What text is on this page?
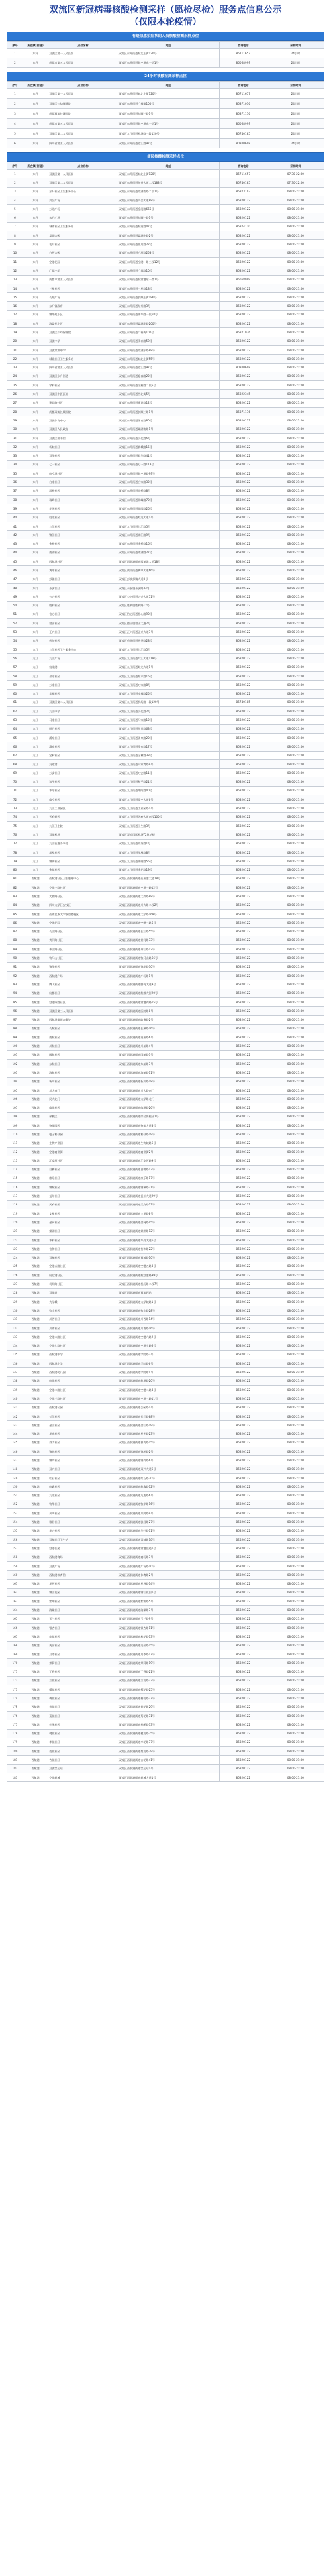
双流区新冠病毒核酸检测采样（愿检尽检）服务点信息公示
（仅限本轮疫情）
有疑似感染症状的人员核酸检测采样点位
序号	所在镇(街道)	点位名称	地址	咨询电话	采样时间
1	东升	双流区第一人民医院	双流区东升街道城北上街120号	85711657	24小时
2	东升	成都市第五人民医院	双流区东升街道航空港东一路1号	86068999	24小时
24小时核酸检测采样点位
序号	所在镇(街道)	点位名称	地址	咨询电话	采样时间
1	东升	双流区第一人民医院	双流区东升街道城北上街120号	85711657	24小时
2	东升	双流区妇幼保健院	双流区东升街道广福街100号	85871036	24小时
3	东升	成都双流长城医院	双流区东升街道长顺三路1号	85871176	24小时
4	东升	成都市第五人民医院	双流区东升街道航空港东一路1号	86068999	24小时
5	东升	双流区第二人民医院	双流区九江街道机场路一段120号	85740185	24小时
6	东升	四川省第五人民医院	双流区东升街道望江路97号	80800608	24小时
便民核酸检测采样点位
序号	所在镇(街道)	点位名称	地址	咨询电话	采样时间
1	东升	双流区第一人民医院	双流区东升街道城北上街120号	85711657	07:30-22:00
2	东升	双流区第二人民医院	双流区东升街道东升大道二段188号	85740185	07:30-22:00
3	东升	东升社区卫生服务中心	双流区东升街道棠湖西路二段1号	85823103	08:00-21:00
4	东升	兴合广场	双流区东升街道兴合大道88号	85820122	08:00-21:00
5	东升	万达广场	双流区东升街道金河路666号	85820122	08:00-21:00
6	东升	东升广场	双流区东升街道长顺一路1号	85820122	08:00-21:00
7	东升	城南社区卫生服务站	双流区东升街道城南路47号	85874110	08:00-21:00
8	东升	棠湖公园	双流区东升街道棠湖中路2号	85820122	08:00-21:00
9	东升	花月社区	双流区东升街道花月路22号	85820122	08:00-21:00
10	东升	白河公园	双流区东升街道白河路258号	85820122	08:00-21:00
11	东升	空港花园	双流区东升街道空港一路三段12号	85820122	08:00-21:00
12	东升	广都小学	双流区东升街道广都路10号	85820122	08:00-21:00
13	东升	成都市第五人民医院	双流区东升街道航空港东一路1号	86068999	08:00-21:00
14	东升	三星社区	双流区东升街道三星路18号	85820122	08:00-21:00
15	东升	长顺广场	双流区东升街道长顺上街186号	85820122	08:00-21:00
16	东升	东升镇政府	双流区东升街道东升路3号	85820122	08:00-21:00
17	东升	锦华苑小区	双流区东升街道锦华路一段68号	85820122	08:00-21:00
18	东升	海棠苑小区	双流区东升街道棠湖北路200号	85820122	08:00-21:00
19	东升	双流区妇幼保健院	双流区东升街道广福街100号	85871036	08:00-21:00
20	东升	双流中学	双流区东升街道清泰路59号	85820122	08:00-21:00
21	东升	双流棠湖中学	双流区东升街道棠湖东路88号	85820122	08:00-21:00
22	东升	城北社区卫生服务站	双流区东升街道城北上街55号	85820122	08:00-21:00
23	东升	四川省第五人民医院	双流区东升街道望江路97号	80800608	08:00-21:00
24	东升	双流区东升街道	双流区东升街道迎春路22号	85820122	08:00-21:00
25	东升	学府社区	双流区东升街道学府路二段5号	85820122	08:00-21:00
26	东升	双流区中医医院	双流区东升街道西北街5号	85822345	08:00-21:00
27	东升	建设路社区	双流区东升街道建设路12号	85820122	08:00-21:00
28	东升	成都双流长城医院	双流区东升街道长顺三路1号	85871176	08:00-21:00
29	东升	双流体育中心	双流区东升街道体育路80号	85820122	08:00-21:00
30	东升	双流区人民政府	双流区东升街道棠湖南路1号	85820122	08:00-21:00
31	东升	双流区图书馆	双流区东升街道文化路6号	85820122	08:00-21:00
32	东升	新城社区	双流区东升街道新城路15号	85820122	08:00-21:00
33	东升	双华社区	双流区东升街道双华路41号	85820122	08:00-21:00
34	东升	七一社区	双流区东升街道七一路118号	85820122	08:00-21:00
35	东升	航空港社区	双流区东升街道航空港路99号	85820122	08:00-21:00
36	东升	白家社区	双流区东升街道白家路32号	85820122	08:00-21:00
37	东升	塔桥社区	双流区东升街道塔桥路8号	85820122	08:00-21:00
38	东升	瑞峰社区	双流区东升街道瑞峰路70号	85820122	08:00-21:00
39	东升	花园社区	双流区东升街道花园路26号	85820122	08:00-21:00
40	东升	蛟龙社区	双流区东升街道蛟龙大道1号	85820122	08:00-21:00
41	东升	九江社区	双流区九江街道九江路5号	85820122	08:00-21:00
42	东升	锦江社区	双流区东升街道锦江路9号	85820122	08:00-21:00
43	东升	金桥社区	双流区东升街道金桥路16号	85820122	08:00-21:00
44	东升	南湖社区	双流区东升街道南湖路27号	85820122	08:00-21:00
45	东升	西航港社区	双流区西航港街道西航港大道18号	85820122	08:00-21:00
46	东升	黄甲社区	双流区黄甲街道黄甲大道66号	85820122	08:00-21:00
47	东升	彭镇社区	双流区彭镇彭镇大道8号	85820122	08:00-21:00
48	东升	永安社区	双流区永安镇永安路33号	85820122	08:00-21:00
49	东升	公兴社区	双流区公兴街道公兴大道51号	85820122	08:00-21:00
50	东升	胜利社区	双流区胜利镇胜利路12号	85820122	08:00-21:00
51	东升	怡心社区	双流区怡心街道怡心路90号	85820122	08:00-21:00
52	东升	籍田社区	双流区籍田镇籍田大道7号	85820122	08:00-21:00
53	东升	正兴社区	双流区正兴街道正兴大道3号	85820122	08:00-21:00
54	东升	煎茶社区	双流区煎茶街道煎茶路28号	85820122	08:00-21:00
55	九江	九江社区卫生服务中心	双流区九江街道九江路5号	85820122	08:00-21:00
56	九江	九江广场	双流区九江街道九江大道118号	85820122	08:00-21:00
57	九江	蛟龙港	双流区九江街道蛟龙大道1号	85820122	08:00-21:00
58	九江	泉水社区	双流区九江街道泉水路16号	85820122	08:00-21:00
59	九江	万家社区	双流区九江街道万家路8号	85820122	08:00-21:00
60	九江	幸福社区	双流区九江街道幸福路25号	85820122	08:00-21:00
61	九江	双流区第二人民医院	双流区九江街道机场路一段120号	85740185	08:00-21:00
62	九江	九江中学	双流区九江街道文化路2号	85820122	08:00-21:00
63	九江	马家社区	双流区九江街道马家路12号	85820122	08:00-21:00
64	九江	明月社区	双流区九江街道明月路63号	85820122	08:00-21:00
65	九江	涌泉社区	双流区九江街道涌泉路20号	85820122	08:00-21:00
66	九江	清泉社区	双流区九江街道清泉路17号	85820122	08:00-21:00
67	九江	宝林社区	双流区九江街道宝林路38号	85820122	08:00-21:00
68	九江	冯家湾	双流区九江街道冯家湾路9号	85820122	08:00-21:00
69	九江	万安社区	双流区九江街道万安路11号	85820122	08:00-21:00
70	九江	和平社区	双流区九江街道和平路21号	85820122	08:00-21:00
71	九江	华阳社区	双流区九江街道华阳路40号	85820122	08:00-21:00
72	九江	临空社区	双流区九江街道临空大道6号	85820122	08:00-21:00
73	九江	九江工业园区	双流区九江街道工业园路1号	85820122	08:00-21:00
74	九江	天府新区	双流区九江街道天府大道南段100号	85820122	08:00-21:00
75	九江	九江卫生院	双流区九江街道卫生路3号	85820122	08:00-21:00
76	九江	双流机场	双流区双流国际机场T2航站楼	85820122	08:00-21:00
77	九江	九江街道办事处	双流区九江街道政务路1号	85820122	08:00-21:00
78	九江	凤凰社区	双流区九江街道凤凰路8号	85820122	08:00-21:00
79	九江	锦绣社区	双流区九江街道锦绣路56号	85820122	08:00-21:00
80	九江	金花社区	双流区九江街道金花路19号	85820122	08:00-21:00
81	西航港	西航港社区卫生服务中心	双流区西航港街道西航港大道18号	85820122	08:00-21:00
82	西航港	空港一路社区	双流区西航港街道空港一路12号	85820122	08:00-21:00
83	西航港	大件路社区	双流区西航港街道大件路88号	85820122	08:00-21:00
84	西航港	四川大学江安校区	双流区西航港街道川大路二段2号	85820122	08:00-21:00
85	西航港	西南民族大学航空港校区	双流区西航港街道大学路168号	85820122	08:00-21:00
86	西航港	空港花园	双流区西航港街道空港三路6号	85820122	08:00-21:00
87	西航港	长江路社区	双流区西航港街道长江路55号	85820122	08:00-21:00
88	西航港	黄河路社区	双流区西航港街道黄河路33号	85820122	08:00-21:00
89	西航港	珠江路社区	双流区西航港街道珠江路12号	85820122	08:00-21:00
90	西航港	牧马山社区	双流区西航港街道牧马山路66号	85820122	08:00-21:00
91	西航港	锦华社区	双流区西航港街道锦华路30号	85820122	08:00-21:00
92	西航港	西航港广场	双流区西航港街道广场路1号	85820122	08:00-21:00
93	西航港	腾飞社区	双流区西航港街道腾飞大道9号	85820122	08:00-21:00
94	西航港	航都社区	双流区西航港街道航都大街20号	85820122	08:00-21:00
95	西航港	空港四路社区	双流区西航港街道空港四路15号	85820122	08:00-21:00
96	西航港	双流区第三人民医院	双流区西航港街道医院路8号	85820122	08:00-21:00
97	西航港	西航港街道办事处	双流区西航港街道政务路2号	85820122	08:00-21:00
98	西航港	长城社区	双流区西航港街道长城路16号	85820122	08:00-21:00
99	西航港	南航社区	双流区西航港街道南航路6号	85820122	08:00-21:00
100	西航港	川航社区	双流区西航港街道川航路4号	85820122	08:00-21:00
101	西航港	国航社区	双流区西航港街道国航路3号	85820122	08:00-21:00
102	西航港	东航社区	双流区西航港街道东航路7号	85820122	08:00-21:00
103	西航港	海航社区	双流区西航港街道海航路11号	85820122	08:00-21:00
104	西航港	新川社区	双流区西航港街道新川路18号	85820122	08:00-21:00
105	西航港	川大南门	双流区西航港街道川大路南门	85820122	08:00-21:00
106	西航港	民大北门	双流区西航港街道大学路北门	85820122	08:00-21:00
107	西航港	临港社区	双流区西航港街道临港路26号	85820122	08:00-21:00
108	西航港	保税区	双流区西航港街道综合保税区1号	85820122	08:00-21:00
109	西航港	物流园区	双流区西航港街道物流大道8号	85820122	08:00-21:00
110	西航港	电子科技园	双流区西航港街道科技路19号	85820122	08:00-21:00
111	西航港	生物产业园	双流区西航港街道生物城路5号	85820122	08:00-21:00
112	西航港	空港商业街	双流区西航港街道商业街2号	85820122	08:00-21:00
113	西航港	江安河社区	双流区西航港街道江安河路9号	85820122	08:00-21:00
114	西航港	白鹤社区	双流区西航港街道白鹤路13号	85820122	08:00-21:00
115	西航港	康乐社区	双流区西航港街道康乐路17号	85820122	08:00-21:00
116	西航港	锦城社区	双流区西航港街道锦城路21号	85820122	08:00-21:00
117	西航港	益州社区	双流区西航港街道益州大道99号	85820122	08:00-21:00
118	西航港	天府社区	双流区西航港街道天府路33号	85820122	08:00-21:00
119	西航港	文星社区	双流区西航港街道文星路8号	85820122	08:00-21:00
120	西航港	金河社区	双流区西航港街道金河路45号	85820122	08:00-21:00
121	西航港	棠湖社区	双流区西航港街道棠湖路12号	85820122	08:00-21:00
122	西航港	华府社区	双流区西航港街道华府大道6号	85820122	08:00-21:00
123	西航港	怡和社区	双流区西航港街道怡和路22号	85820122	08:00-21:00
124	西航港	双楠社区	双流区西航港街道双楠路10号	85820122	08:00-21:00
125	西航港	空港五路社区	双流区西航港街道空港五路3号	85820122	08:00-21:00
126	西航港	航空港社区	双流区西航港街道航空港路99号	85820122	08:00-21:00
127	西航港	机场路社区	双流区西航港街道机场路二段7号	85820122	08:00-21:00
128	西航港	双流站	双流区西航港街道双流西站	85820122	08:00-21:00
129	西航港	大学城	双流区西航港街道大学城路1号	85820122	08:00-21:00
130	西航港	牧山社区	双流区西航港街道牧山路28号	85820122	08:00-21:00
131	西航港	川西社区	双流区西航港街道川西路14号	85820122	08:00-21:00
132	西航港	川南社区	双流区西航港街道川南路16号	85820122	08:00-21:00
133	西航港	空港六路社区	双流区西航港街道空港六路2号	85820122	08:00-21:00
134	西航港	空港七路社区	双流区西航港街道空港七路5号	85820122	08:00-21:00
135	西航港	西航港中学	双流区西航港街道学院路2号	85820122	08:00-21:00
136	西航港	西航港小学	双流区西航港街道学院路6号	85820122	08:00-21:00
137	西航港	西航港幼儿园	双流区西航港街道学院路9号	85820122	08:00-21:00
138	西航港	航港社区	双流区西航港街道航港路20号	85820122	08:00-21:00
139	西航港	空港二路社区	双流区西航港街道空港二路8号	85820122	08:00-21:00
140	西航港	空港三路社区	双流区西航港街道空港三路11号	85820122	08:00-21:00
141	西航港	西航港公园	双流区西航港街道公园路1号	85820122	08:00-21:00
142	西航港	长江社区	双流区西航港街道长江路88号	85820122	08:00-21:00
143	西航港	金江社区	双流区西航港街道金江路19号	85820122	08:00-21:00
144	西航港	星光社区	双流区西航港街道星光路23号	85820122	08:00-21:00
145	西航港	群力社区	双流区西航港街道群力路15号	85820122	08:00-21:00
146	西航港	锦鸿社区	双流区西航港街道锦鸿路2号	85820122	08:00-21:00
147	西航港	锦尚社区	双流区西航港街道锦尚路6号	85820122	08:00-21:00
148	西航港	双兴社区	双流区西航港街道双兴大道5号	85820122	08:00-21:00
149	西航港	红石社区	双流区西航港街道红石路30号	85820122	08:00-21:00
150	西航港	航鑫社区	双流区西航港街道航鑫路12号	85820122	08:00-21:00
151	西航港	九龙社区	双流区西航港街道九龙路6号	85820122	08:00-21:00
152	西航港	牧华社区	双流区西航港街道牧华路16号	85820122	08:00-21:00
153	西航港	凤鸣社区	双流区西航港街道凤鸣路9号	85820122	08:00-21:00
154	西航港	雅居社区	双流区西航港街道雅居路27号	85820122	08:00-21:00
155	西航港	华兴社区	双流区西航港街道华兴路11号	85820122	08:00-21:00
156	西航港	双楠社区卫生站	双流区西航港街道双楠路18号	85820122	08:00-21:00
157	西航港	空港佳苑	双流区西航港街道空港佳苑1号	85820122	08:00-21:00
158	西航港	西航港商场	双流区西航港街道商场路3号	85820122	08:00-21:00
159	西航港	双流广场	双流区西航港街道广场路10号	85820122	08:00-21:00
160	西航港	西航港体育馆	双流区西航港街道体育路2号	85820122	08:00-21:00
161	西航港	星河社区	双流区西航港街道星河路14号	85820122	08:00-21:00
162	西航港	锦江花园	双流区西航港街道锦江花园1号	85820122	08:00-21:00
163	西航港	紫荆社区	双流区西航港街道紫荆路5号	85820122	08:00-21:00
164	西航港	海棠社区	双流区西航港街道海棠路7号	85820122	08:00-21:00
165	西航港	玉兰社区	双流区西航港街道玉兰路9号	85820122	08:00-21:00
166	西航港	银杏社区	双流区西航港街道银杏路11号	85820122	08:00-21:00
167	西航港	桂花社区	双流区西航港街道桂花路13号	85820122	08:00-21:00
168	西航港	芙蓉社区	双流区西航港街道芙蓉路15号	85820122	08:00-21:00
169	西航港	月季社区	双流区西航港街道月季路17号	85820122	08:00-21:00
170	西航港	茉莉社区	双流区西航港街道茉莉路19号	85820122	08:00-21:00
171	西航港	丁香社区	双流区西航港街道丁香路21号	85820122	08:00-21:00
172	西航港	兰花社区	双流区西航港街道兰花路23号	85820122	08:00-21:00
173	西航港	樱花社区	双流区西航港街道樱花路25号	85820122	08:00-21:00
174	西航港	梅花社区	双流区西航港街道梅花路27号	85820122	08:00-21:00
175	西航港	荷花社区	双流区西航港街道荷花路29号	85820122	08:00-21:00
176	西航港	菊花社区	双流区西航港街道菊花路31号	85820122	08:00-21:00
177	西航港	杜鹃社区	双流区西航港街道杜鹃路33号	85820122	08:00-21:00
178	西航港	桃花社区	双流区西航港街道桃花路35号	85820122	08:00-21:00
179	西航港	李花社区	双流区西航港街道李花路37号	85820122	08:00-21:00
180	西航港	梨花社区	双流区西航港街道梨花路39号	85820122	08:00-21:00
181	西航港	杏花社区	双流区西航港街道杏花路41号	85820122	08:00-21:00
182	西航港	双流客运站	双流区西航港街道客运站1号	85820122	08:00-21:00
183	西航港	空港新城	双流区西航港街道新城大道1号	85820122	08:00-21:00
